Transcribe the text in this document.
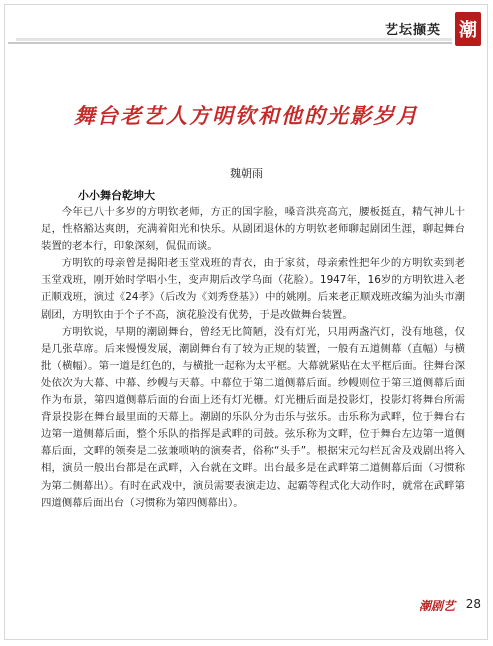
艺坛撷英 潮
舞台老艺人方明钦和他的光影岁月
魏朝雨
小小舞台乾坤大

今年已八十多岁的方明钦老师，方正的国字脸，嗓音洪亮高亢，腰板挺直，精气神儿十足，性格豁达爽朗，充满着阳光和快乐。从剧团退休的方明钦老师聊起剧团生涯，聊起舞台装置的老本行，印象深刻，侃侃而谈。

方明钦的母亲曾是揭阳老玉堂戏班的青衣，由于家贫，母亲索性把年少的方明钦卖到老玉堂戏班，刚开始时学唱小生，变声期后改学乌面（花脸）。1947年，16岁的方明钦进入老正顺戏班，演过《24孝》（后改为《刘秀登基》）中的姚刚。后来老正顺戏班改编为汕头市潮剧团，方明钦由于个子不高，演花脸没有优势，于是改做舞台装置。

方明钦说，早期的潮剧舞台，曾经无比简陋，没有灯光，只用两盏汽灯，没有地毯，仅是几张草席。后来慢慢发展，潮剧舞台有了较为正规的装置，一般有五道侧幕（直幅）与横批（横幅）。第一道是红色的，与横批一起称为太平框。大幕就紧贴在太平框后面。往舞台深处依次为大幕、中幕、纱幔与天幕。中幕位于第二道侧幕后面。纱幔则位于第三道侧幕后面作为布景，第四道侧幕后面的台面上还有灯光栅。灯光栅后面是投影灯，投影灯将舞台所需背景投影在舞台最里面的天幕上。潮剧的乐队分为击乐与弦乐。击乐称为武畔，位于舞台右边第一道侧幕后面，整个乐队的指挥是武畔的司鼓。弦乐称为文畔，位于舞台左边第一道侧幕后面，文畔的领奏是二弦兼唢呐的演奏者，俗称“头手”。根据宋元勾栏瓦舍及戏剧出将入相，演员一般出台都是在武畔，入台就在文畔。出台最多是在武畔第二道侧幕后面（习惯称为第二侧幕出）。有时在武戏中，演员需要表演走边、起霸等程式化大动作时，就常在武畔第四道侧幕后面出台（习惯称为第四侧幕出）。

潮剧艺 28
